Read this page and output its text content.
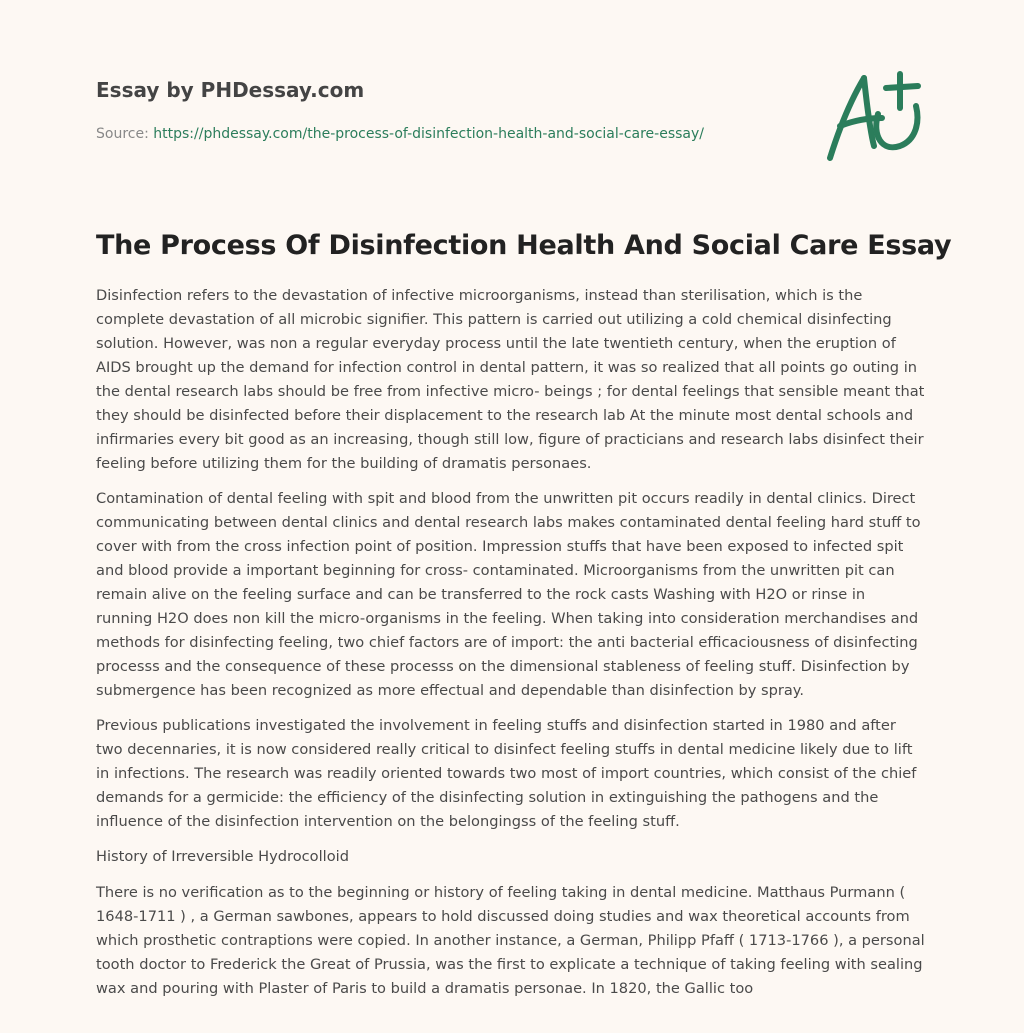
Essay by PHDessay.com
Source: https://phdessay.com/the-process-of-disinfection-health-and-social-care-essay/
The Process Of Disinfection Health And Social Care Essay

Disinfection refers to the devastation of infective microorganisms, instead than sterilisation, which is the complete devastation of all microbic signifier. This pattern is carried out utilizing a cold chemical disinfecting solution. However, was non a regular everyday process until the late twentieth century, when the eruption of AIDS brought up the demand for infection control in dental pattern, it was so realized that all points go outing in the dental research labs should be free from infective micro- beings ; for dental feelings that sensible meant that they should be disinfected before their displacement to the research lab At the minute most dental schools and infirmaries every bit good as an increasing, though still low, figure of practicians and research labs disinfect their feeling before utilizing them for the building of dramatis personaes.

Contamination of dental feeling with spit and blood from the unwritten pit occurs readily in dental clinics. Direct communicating between dental clinics and dental research labs makes contaminated dental feeling hard stuff to cover with from the cross infection point of position. Impression stuffs that have been exposed to infected spit and blood provide a important beginning for cross- contaminated. Microorganisms from the unwritten pit can remain alive on the feeling surface and can be transferred to the rock casts Washing with H2O or rinse in running H2O does non kill the micro-organisms in the feeling. When taking into consideration merchandises and methods for disinfecting feeling, two chief factors are of import: the anti bacterial efficaciousness of disinfecting processs and the consequence of these processs on the dimensional stableness of feeling stuff. Disinfection by submergence has been recognized as more effectual and dependable than disinfection by spray.

Previous publications investigated the involvement in feeling stuffs and disinfection started in 1980 and after two decennaries, it is now considered really critical to disinfect feeling stuffs in dental medicine likely due to lift in infections. The research was readily oriented towards two most of import countries, which consist of the chief demands for a germicide: the efficiency of the disinfecting solution in extinguishing the pathogens and the influence of the disinfection intervention on the belongingss of the feeling stuff.

History of Irreversible Hydrocolloid

There is no verification as to the beginning or history of feeling taking in dental medicine. Matthaus Purmann ( 1648-1711 ) , a German sawbones, appears to hold discussed doing studies and wax theoretical accounts from which prosthetic contraptions were copied. In another instance, a German, Philipp Pfaff ( 1713-1766 ), a personal tooth doctor to Frederick the Great of Prussia, was the first to explicate a technique of taking feeling with sealing wax and pouring with Plaster of Paris to build a dramatis personae. In 1820, the Gallic too
